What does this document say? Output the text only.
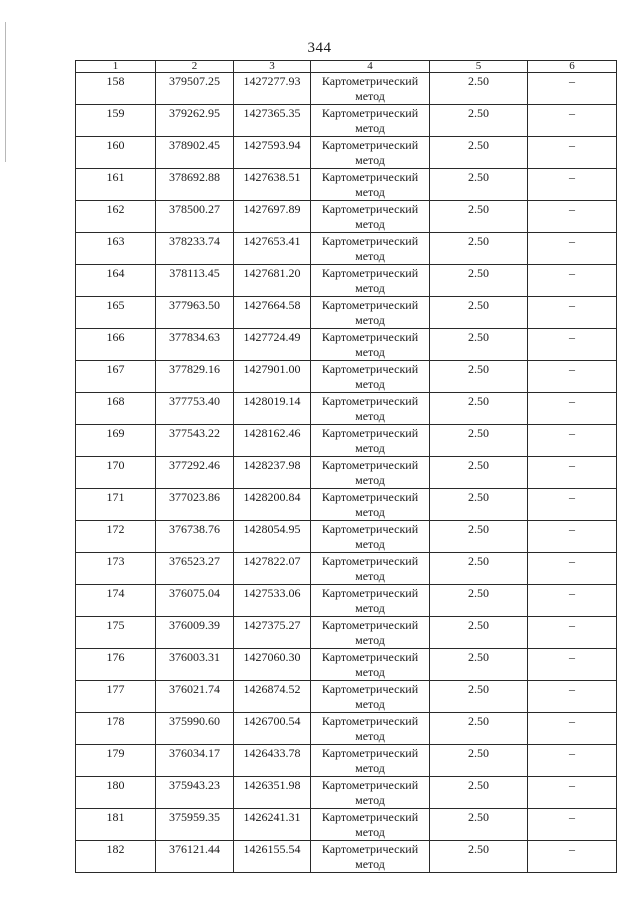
344
1	2	3	4	5	6

158	379507.25	1427277.93	Картометрический метод	2.50	–

159	379262.95	1427365.35	Картометрический метод	2.50	–

160	378902.45	1427593.94	Картометрический метод	2.50	–

161	378692.88	1427638.51	Картометрический метод	2.50	–

162	378500.27	1427697.89	Картометрический метод	2.50	–

163	378233.74	1427653.41	Картометрический метод	2.50	–

164	378113.45	1427681.20	Картометрический метод	2.50	–

165	377963.50	1427664.58	Картометрический метод	2.50	–

166	377834.63	1427724.49	Картометрический метод	2.50	–

167	377829.16	1427901.00	Картометрический метод	2.50	–

168	377753.40	1428019.14	Картометрический метод	2.50	–

169	377543.22	1428162.46	Картометрический метод	2.50	–

170	377292.46	1428237.98	Картометрический метод	2.50	–

171	377023.86	1428200.84	Картометрический метод	2.50	–

172	376738.76	1428054.95	Картометрический метод	2.50	–

173	376523.27	1427822.07	Картометрический метод	2.50	–

174	376075.04	1427533.06	Картометрический метод	2.50	–

175	376009.39	1427375.27	Картометрический метод	2.50	–

176	376003.31	1427060.30	Картометрический метод	2.50	–

177	376021.74	1426874.52	Картометрический метод	2.50	–

178	375990.60	1426700.54	Картометрический метод	2.50	–

179	376034.17	1426433.78	Картометрический метод	2.50	–

180	375943.23	1426351.98	Картометрический метод	2.50	–

181	375959.35	1426241.31	Картометрический метод	2.50	–

182	376121.44	1426155.54	Картометрический метод	2.50	–
